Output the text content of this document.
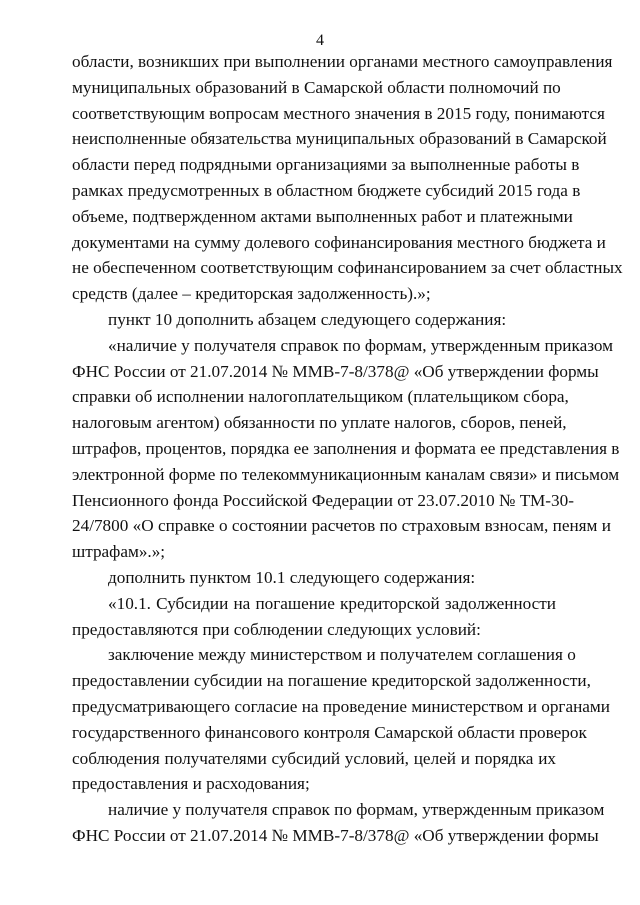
4
области, возникших при выполнении органами местного самоуправления
муниципальных образований в Самарской области полномочий по
соответствующим вопросам местного значения в 2015 году, понимаются
неисполненные обязательства муниципальных образований в Самарской
области перед подрядными организациями за выполненные работы в
рамках предусмотренных в областном бюджете субсидий 2015 года в
объеме, подтвержденном актами выполненных работ и платежными
документами на сумму долевого софинансирования местного бюджета и
не обеспеченном соответствующим софинансированием за счет областных
средств (далее – кредиторская задолженность).»;
пункт 10 дополнить абзацем следующего содержания:
«наличие у получателя справок по формам, утвержденным приказом
ФНС России от 21.07.2014 № ММВ-7-8/378@ «Об утверждении формы
справки об исполнении налогоплательщиком (плательщиком сбора,
налоговым агентом) обязанности по уплате налогов, сборов, пеней,
штрафов, процентов, порядка ее заполнения и формата ее представления в
электронной форме по телекоммуникационным каналам связи» и письмом
Пенсионного фонда Российской Федерации от 23.07.2010 № ТМ-30-
24/7800 «О справке о состоянии расчетов по страховым взносам, пеням и
штрафам».»;
дополнить пунктом 10.1 следующего содержания:
«10.1. Субсидии на погашение кредиторской задолженности
предоставляются при соблюдении следующих условий:
заключение между министерством и получателем соглашения о
предоставлении субсидии на погашение кредиторской задолженности,
предусматривающего согласие на проведение министерством и органами
государственного финансового контроля Самарской области проверок
соблюдения получателями субсидий условий, целей и порядка их
предоставления и расходования;
наличие у получателя справок по формам, утвержденным приказом
ФНС России от 21.07.2014 № ММВ-7-8/378@ «Об утверждении формы
